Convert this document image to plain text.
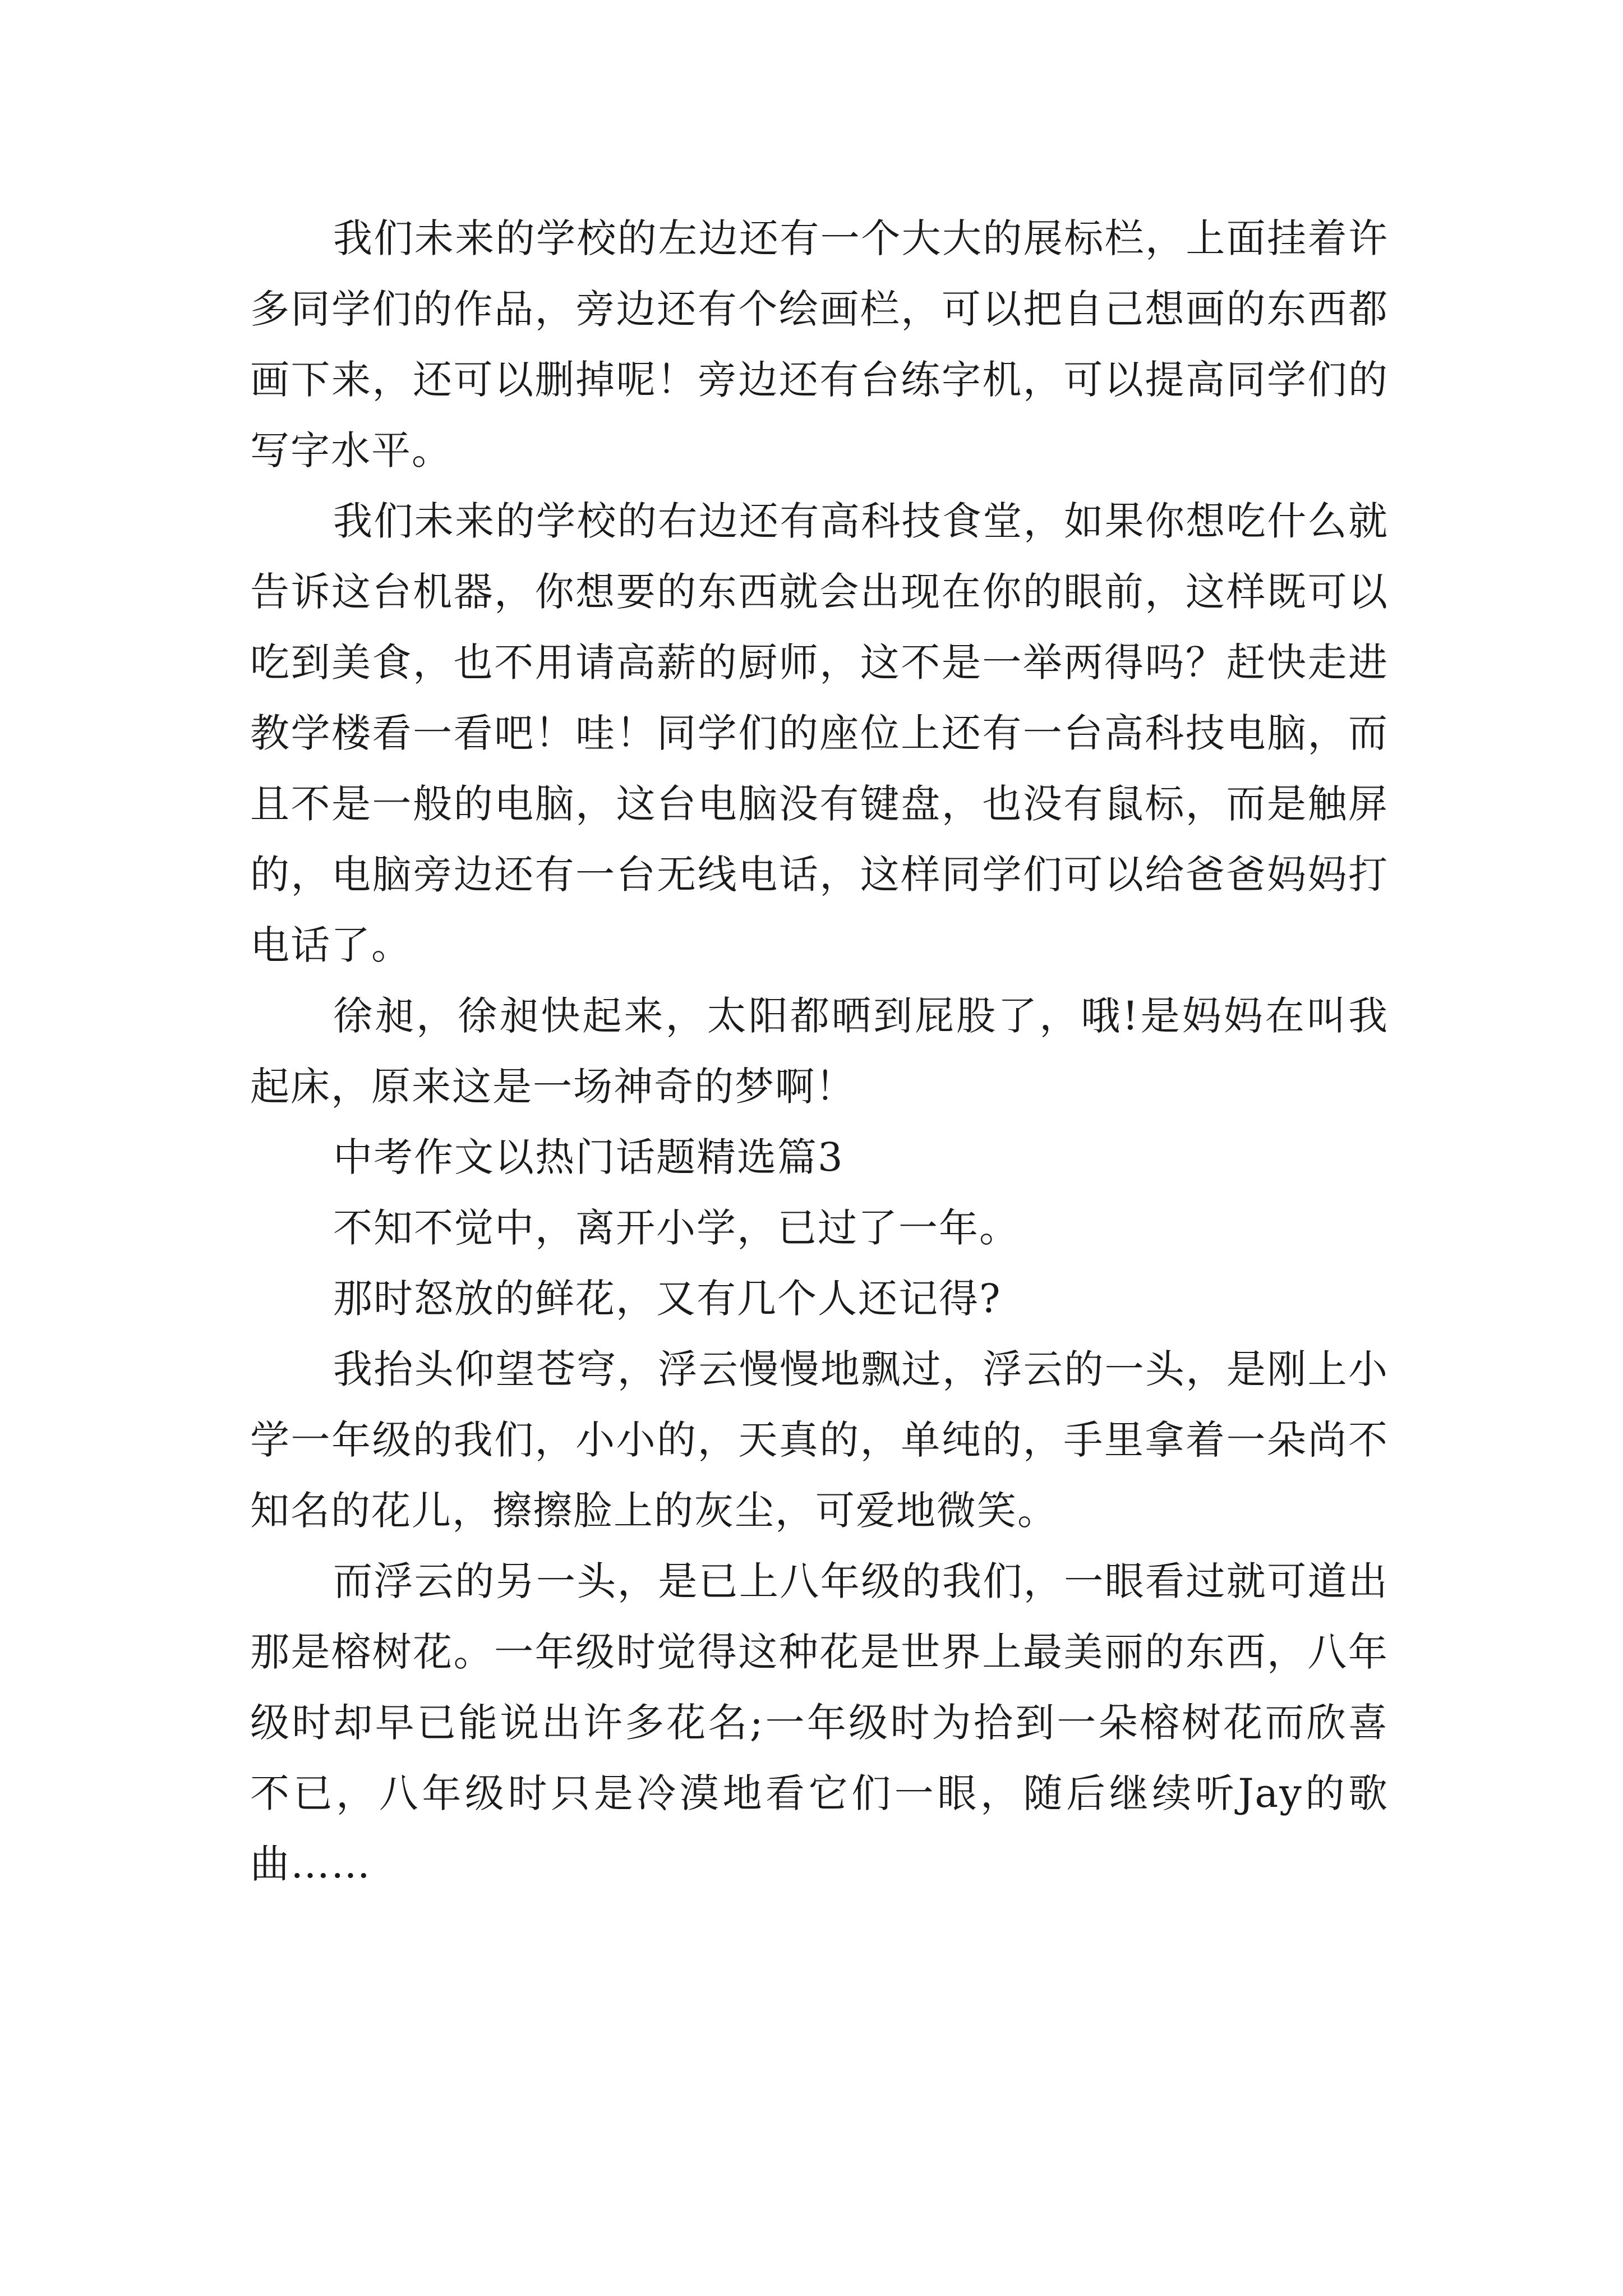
我们未来的学校的左边还有一个大大的展标栏，上面挂着许多同学们的作品，旁边还有个绘画栏，可以把自己想画的东西都画下来，还可以删掉呢！旁边还有台练字机，可以提高同学们的写字水平。

我们未来的学校的右边还有高科技食堂，如果你想吃什么就告诉这台机器，你想要的东西就会出现在你的眼前，这样既可以吃到美食，也不用请高薪的厨师，这不是一举两得吗？赶快走进教学楼看一看吧！哇！同学们的座位上还有一台高科技电脑，而且不是一般的电脑，这台电脑没有键盘，也没有鼠标，而是触屏的，电脑旁边还有一台无线电话，这样同学们可以给爸爸妈妈打电话了。

徐昶，徐昶快起来，太阳都晒到屁股了，哦!是妈妈在叫我起床，原来这是一场神奇的梦啊！

中考作文以热门话题精选篇3

不知不觉中，离开小学，已过了一年。

那时怒放的鲜花，又有几个人还记得?

我抬头仰望苍穹，浮云慢慢地飘过，浮云的一头，是刚上小学一年级的我们，小小的，天真的，单纯的，手里拿着一朵尚不知名的花儿，擦擦脸上的灰尘，可爱地微笑。

而浮云的另一头，是已上八年级的我们，一眼看过就可道出那是榕树花。一年级时觉得这种花是世界上最美丽的东西，八年级时却早已能说出许多花名;一年级时为拾到一朵榕树花而欣喜不已，八年级时只是冷漠地看它们一眼，随后继续听Jay的歌曲……
